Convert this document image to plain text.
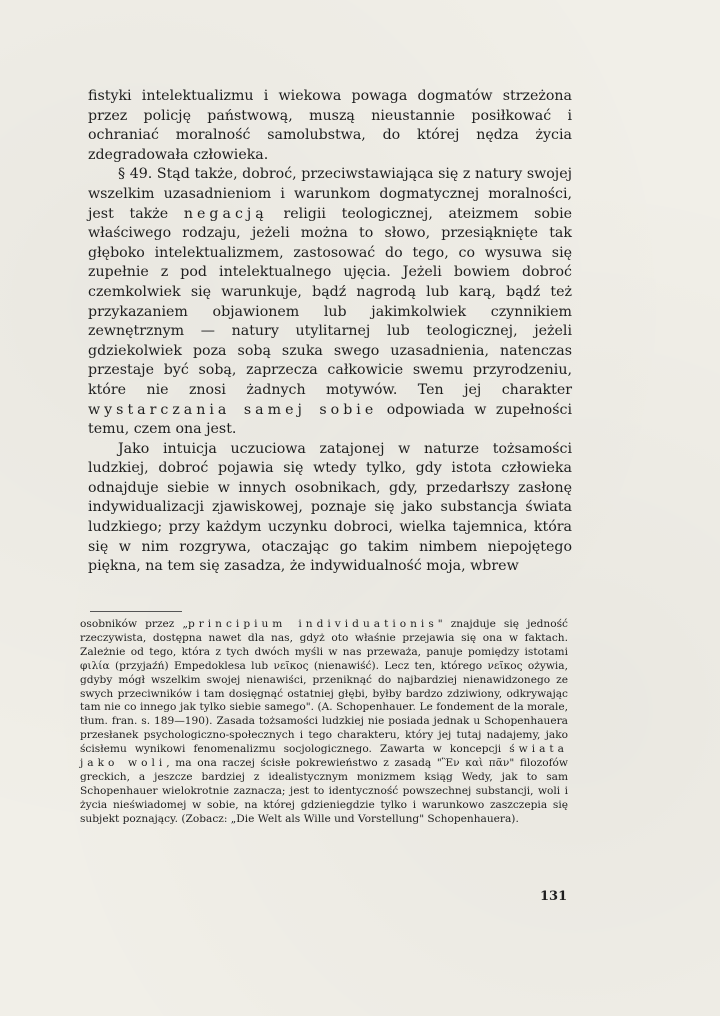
fistyki intelektualizmu i wiekowa powaga dogmatów strzeżona przez policję państwową, muszą nieustannie posiłkować i ochraniać moralność samolubstwa, do której nędza życia zdegradowała człowieka.

§ 49. Stąd także, dobroć, przeciwstawiająca się z natury swojej wszelkim uzasadnieniom i warunkom dogmatycznej moralności, jest także negacją religii teologicznej, ateizmem sobie właściwego rodzaju, jeżeli można to słowo, przesiąknięte tak głęboko intelektualizmem, zastosować do tego, co wysuwa się zupełnie z pod intelektualnego ujęcia. Jeżeli bowiem dobroć czemkolwiek się warunkuje, bądź nagrodą lub karą, bądź też przykazaniem objawionem lub jakimkolwiek czynnikiem zewnętrznym — natury utylitarnej lub teologicznej, jeżeli gdziekolwiek poza sobą szuka swego uzasadnienia, natenczas przestaje być sobą, zaprzecza całkowicie swemu przyrodzeniu, które nie znosi żadnych motywów. Ten jej charakter wystarczania samej sobie odpowiada w zupełności temu, czem ona jest.

Jako intuicja uczuciowa zatajonej w naturze tożsamości ludzkiej, dobroć pojawia się wtedy tylko, gdy istota człowieka odnajduje siebie w innych osobnikach, gdy, przedarłszy zasłonę indywidualizacji zjawiskowej, poznaje się jako substancja świata ludzkiego; przy każdym uczynku dobroci, wielka tajemnica, która się w nim rozgrywa, otaczając go takim nimbem niepojętego piękna, na tem się zasadza, że indywidualność moja, wbrew

osobników przez „principium individuationis" znajduje się jedność rzeczywista, dostępna nawet dla nas, gdyż oto właśnie przejawia się ona w faktach. Zależnie od tego, która z tych dwóch myśli w nas przeważa, panuje pomiędzy istotami φιλία (przyjaźń) Empedoklesa lub νεῖκος (nienawiść). Lecz ten, którego νεῖκος ożywia, gdyby mógł wszelkim swojej nienawiści, przeniknąć do najbardziej nienawidzonego ze swych przeciwników i tam dosięgnąć ostatniej głębi, byłby bardzo zdziwiony, odkrywając tam nie co innego jak tylko siebie samego". (A. Schopenhauer. Le fondement de la morale, tłum. fran. s. 189—190). Zasada tożsamości ludzkiej nie posiada jednak u Schopenhauera przesłanek psychologiczno-społecznych i tego charakteru, który jej tutaj nadajemy, jako ścisłemu wynikowi fenomenalizmu socjologicznego. Zawarta w koncepcji świata jako woli, ma ona raczej ścisłe pokrewieństwo z zasadą "Ἓν καὶ πᾶν" filozofów greckich, a jeszcze bardziej z idealistycznym monizmem ksiąg Wedy, jak to sam Schopenhauer wielokrotnie zaznacza; jest to identyczność powszechnej substancji, woli i życia nieświadomej w sobie, na której gdzieniegdzie tylko i warunkowo zaszczepia się subjekt poznający. (Zobacz: „Die Welt als Wille und Vorstellung" Schopenhauera).

131
